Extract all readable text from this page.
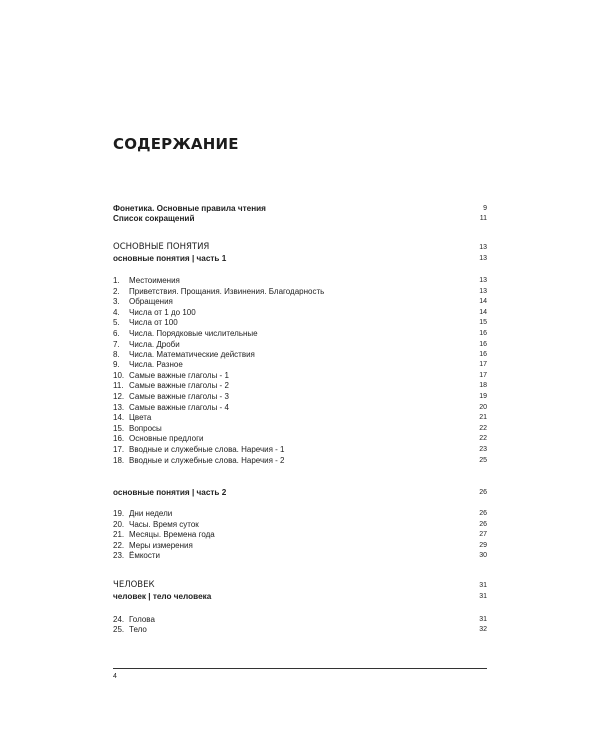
СОДЕРЖАНИЕ
Фонетика. Основные правила чтения	9
Список сокращений	11
ОСНОВНЫЕ ПОНЯТИЯ	13
основные понятия | часть 1	13
1. Местоимения	13
2. Приветствия. Прощания. Извинения. Благодарность	13
3. Обращения	14
4. Числа от 1 до 100	14
5. Числа от 100	15
6. Числа. Порядковые числительные	16
7. Числа. Дроби	16
8. Числа. Математические действия	16
9. Числа. Разное	17
10. Самые важные глаголы - 1	17
11. Самые важные глаголы - 2	18
12. Самые важные глаголы - 3	19
13. Самые важные глаголы - 4	20
14. Цвета	21
15. Вопросы	22
16. Основные предлоги	22
17. Вводные и служебные слова. Наречия - 1	23
18. Вводные и служебные слова. Наречия - 2	25
основные понятия | часть 2	26
19. Дни недели	26
20. Часы. Время суток	26
21. Месяцы. Времена года	27
22. Меры измерения	29
23. Ёмкости	30
ЧЕЛОВЕК	31
человек | тело человека	31
24. Голова	31
25. Тело	32
4
